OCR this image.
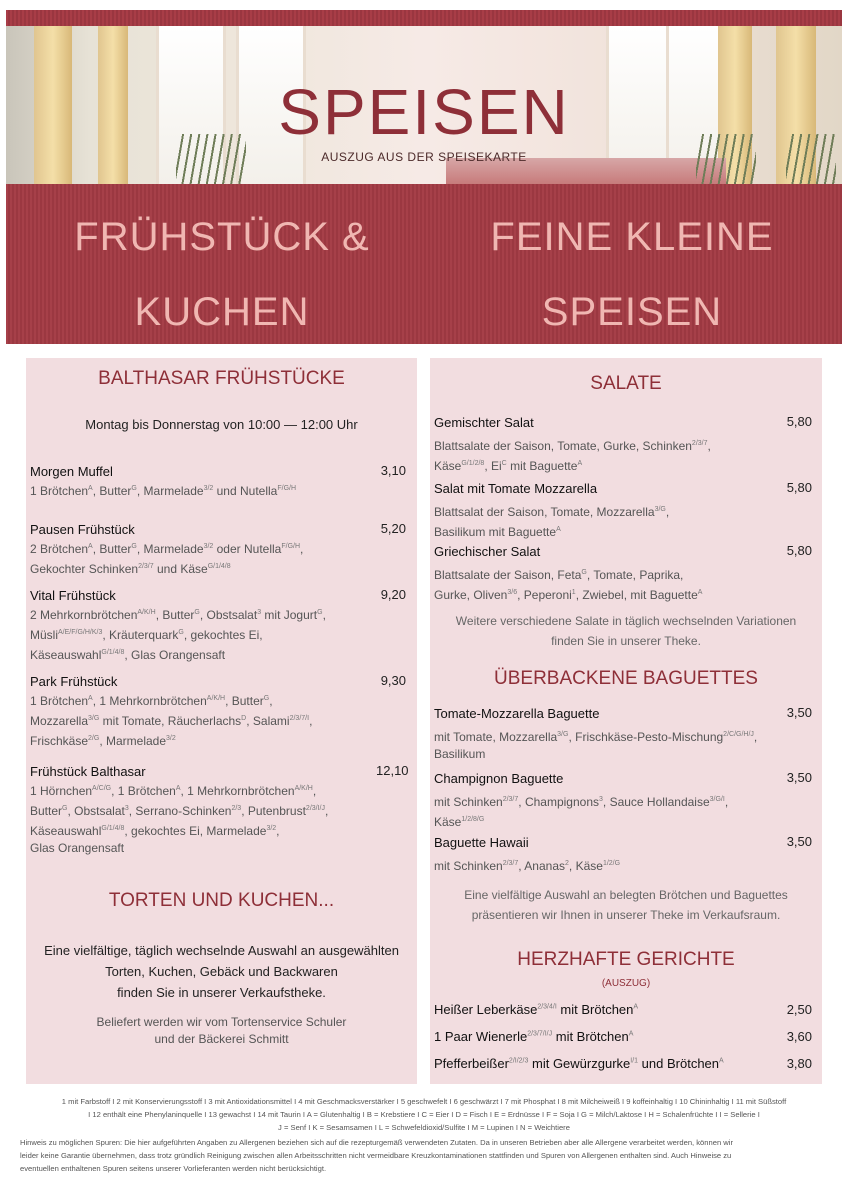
SPEISEN
AUSZUG AUS DER SPEISEKARTE
FRÜHSTÜCK &
KUCHEN
FEINE KLEINE
SPEISEN
BALTHASAR FRÜHSTÜCKE
Montag bis Donnerstag von 10:00 — 12:00 Uhr
Morgen Muffel
1 Brötchen$^A$, Butter$^G$, Marmelade$^{3/2}$ und Nutella$^{F/G/H}$
3,10
Pausen Frühstück
2 Brötchen$^A$, Butter$^G$, Marmelade$^{3/2}$ oder Nutella$^{F/G/H}$,
Gekochter Schinken$^{2/3/7}$ und Käse$^{G/1/4/8}$
5,20
Vital Frühstück
2 Mehrkornbrötchen$^{A/K/H}$, Butter$^G$, Obstsalat$^3$ mit Jogurt$^G$,
Müsli$^{A/E/F/G/H/K/3}$, Kräuterquark$^G$, gekochtes Ei,
Käseauswahl$^{G/1/4/8}$, Glas Orangensaft
9,20
Park Frühstück
1 Brötchen$^A$, 1 Mehrkornbrötchen$^{A/K/H}$, Butter$^G$,
Mozzarella$^{3/G}$ mit Tomate, Räucherlachs$^D$, Salami$^{2/3/7/I}$,
Frischkäse$^{2/G}$, Marmelade$^{3/2}$
9,30
Frühstück Balthasar
1 Hörnchen$^{A/C/G}$, 1 Brötchen$^A$, 1 Mehrkornbrötchen$^{A/K/H}$,
Butter$^G$, Obstsalat$^3$, Serrano-Schinken$^{2/3}$, Putenbrust$^{2/3/I/J}$,
Käseauswahl$^{G/1/4/8}$, gekochtes Ei, Marmelade$^{3/2}$,
Glas Orangensaft
12,10
TORTEN UND KUCHEN...
Eine vielfältige, täglich wechselnde Auswahl an ausgewählten
Torten, Kuchen, Gebäck und Backwaren
finden Sie in unserer Verkaufstheke.
Beliefert werden wir vom Tortenservice Schuler
und der Bäckerei Schmitt
SALATE
Gemischter Salat
Blattsalate der Saison, Tomate, Gurke, Schinken$^{2/3/7}$,
Käse$^{G/1/2/8}$, $Ei^C$ mit Baguette$^A$
5,80
Salat mit Tomate Mozzarella
Blattsalat der Saison, Tomate, Mozzarella$^{3/G}$,
Basilikum mit Baguette$^A$
5,80
Griechischer Salat
Blattsalate der Saison, Feta$^G$, Tomate, Paprika,
Gurke, Oliven$^{3/6}$, Peperoni$^1$, Zwiebel, mit Baguette$^A$
5,80
Weitere verschiedene Salate in täglich wechselnden Variationen
finden Sie in unserer Theke.
ÜBERBACKENE BAGUETTES
Tomate-Mozzarella Baguette
mit Tomate, Mozzarella$^{3/G}$, Frischkäse-Pesto-Mischung$^{2/C/G/H/J}$,
Basilikum
3,50
Champignon Baguette
mit Schinken$^{2/3/7}$, Champignons$^3$, Sauce Hollandaise$^{3/G/I}$,
Käse$^{1/2/8/G}$
3,50
Baguette Hawaii
mit Schinken$^{2/3/7}$, Ananas$^2$, Käse$^{1/2/G}$
3,50
Eine vielfältige Auswahl an belegten Brötchen und Baguettes
präsentieren wir Ihnen in unserer Theke im Verkaufsraum.
HERZHAFTE GERICHTE
(AUSZUG)
Heißer Leberkäse$^{2/3/4/I}$ mit Brötchen$^A$	2,50
1 Paar Wienerle$^{2/3/7/I/J}$ mit Brötchen$^A$	3,60
Pfefferbeißer$^{2/I/2/3}$ mit Gewürzgurke$^{I/1}$ und Brötchen$^A$	3,80
1 mit Farbstoff I 2 mit Konservierungsstoff I 3 mit Antioxidationsmittel I 4 mit Geschmacksverstärker I 5 geschwefelt I 6 geschwärzt I 7 mit Phosphat I 8 mit Milcheiweiß I 9 koffeinhaltig I 10 Chininhaltig I 11 mit Süßstoff
I 12 enthält eine Phenylaninquelle I 13 gewachst I 14 mit Taurin I A = Glutenhaltig I B = Krebstiere I C = Eier I D = Fisch I E = Erdnüsse I F = Soja I G = Milch/Laktose I H = Schalenfrüchte I I = Sellerie I
J = Senf I K = Sesamsamen I L = Schwefeldioxid/Sulfite I M = Lupinen I N = Weichtiere
Hinweis zu möglichen Spuren: Die hier aufgeführten Angaben zu Allergenen beziehen sich auf die rezepturgemäß verwendeten Zutaten. Da in unseren Betrieben aber alle Allergene verarbeitet werden, können wir
leider keine Garantie übernehmen, dass trotz gründlich Reinigung zwischen allen Arbeitsschritten nicht vermeidbare Kreuzkontaminationen stattfinden und Spuren von Allergenen enthalten sind. Auch Hinweise zu
eventuellen enthaltenen Spuren seitens unserer Vorlieferanten werden nicht berücksichtigt.
